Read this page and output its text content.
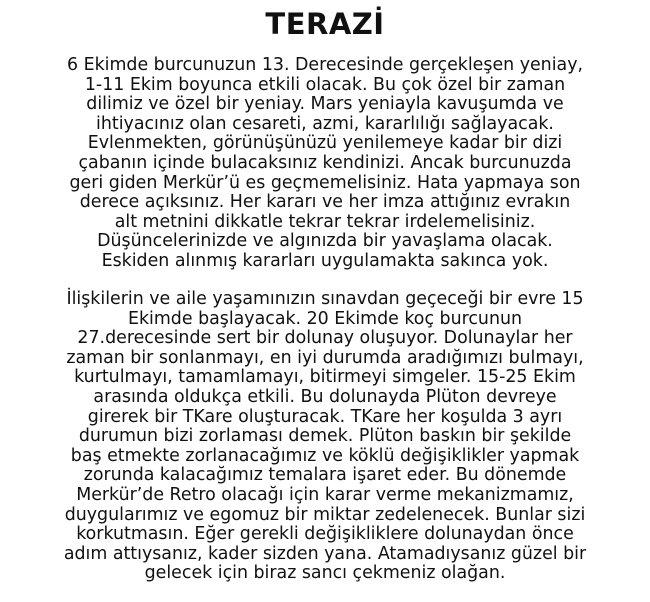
TERAZİ
6 Ekimde burcunuzun 13. Derecesinde gerçekleşen yeniay,
1-11 Ekim boyunca etkili olacak. Bu çok özel bir zaman
dilimiz ve özel bir yeniay. Mars yeniayla kavuşumda ve
ihtiyacınız olan cesareti, azmi, kararlılığı sağlayacak.
Evlenmekten, görünüşünüzü yenilemeye kadar bir dizi
çabanın içinde bulacaksınız kendinizi. Ancak burcunuzda
geri giden Merkür’ü es geçmemelisiniz. Hata yapmaya son
derece açıksınız. Her kararı ve her imza attığınız evrakın
alt metnini dikkatle tekrar tekrar irdelemelisiniz.
Düşüncelerinizde ve algınızda bir yavaşlama olacak.
Eskiden alınmış kararları uygulamakta sakınca yok.
İlişkilerin ve aile yaşamınızın sınavdan geçeceği bir evre 15
Ekimde başlayacak. 20 Ekimde koç burcunun
27.derecesinde sert bir dolunay oluşuyor. Dolunaylar her
zaman bir sonlanmayı, en iyi durumda aradığımızı bulmayı,
kurtulmayı, tamamlamayı, bitirmeyi simgeler. 15-25 Ekim
arasında oldukça etkili. Bu dolunayda Plüton devreye
girerek bir TKare oluşturacak. TKare her koşulda 3 ayrı
durumun bizi zorlaması demek. Plüton baskın bir şekilde
baş etmekte zorlanacağımız ve köklü değişiklikler yapmak
zorunda kalacağımız temalara işaret eder. Bu dönemde
Merkür’de Retro olacağı için karar verme mekanizmamız,
duygularımız ve egomuz bir miktar zedelenecek. Bunlar sizi
korkutmasın. Eğer gerekli değişikliklere dolunaydan önce
adım attıysanız, kader sizden yana. Atamadıysanız güzel bir
gelecek için biraz sancı çekmeniz olağan.
